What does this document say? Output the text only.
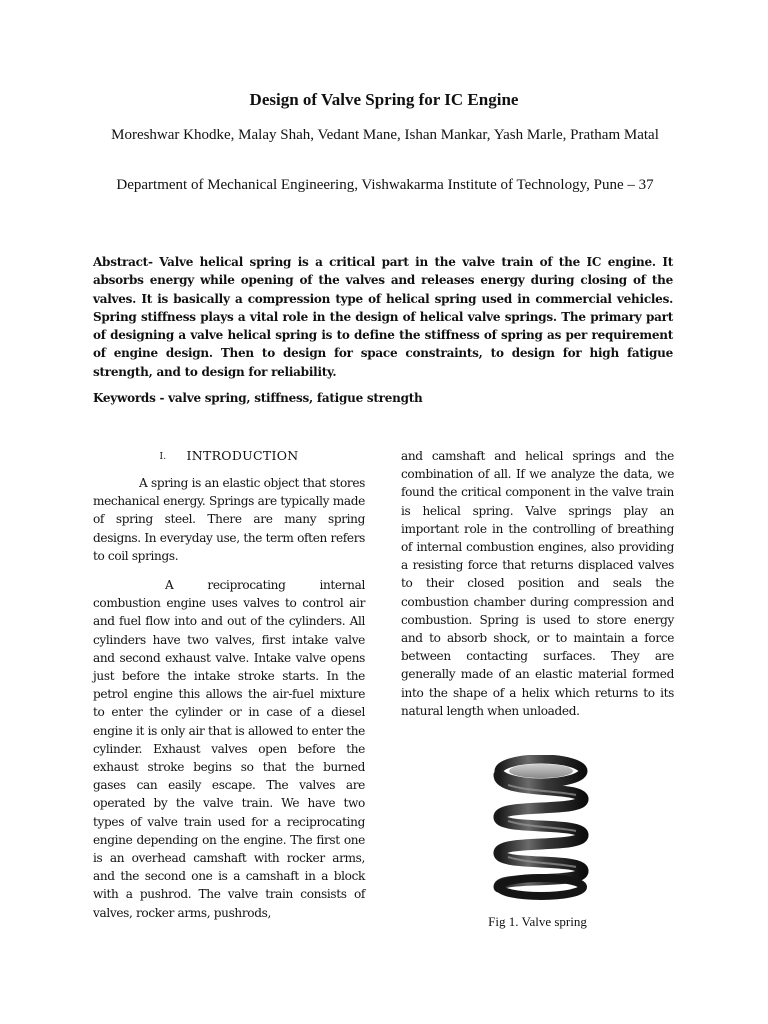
Design of Valve Spring for IC Engine
Moreshwar Khodke, Malay Shah, Vedant Mane, Ishan Mankar, Yash Marle, Pratham Matal
Department of Mechanical Engineering, Vishwakarma Institute of Technology, Pune – 37
Abstract- Valve helical spring is a critical part in the valve train of the IC engine. It absorbs energy while opening of the valves and releases energy during closing of the valves. It is basically a compression type of helical spring used in commercial vehicles. Spring stiffness plays a vital role in the design of helical valve springs. The primary part of designing a valve helical spring is to define the stiffness of spring as per requirement of engine design. Then to design for space constraints, to design for high fatigue strength, and to design for reliability.
Keywords - valve spring, stiffness, fatigue strength
I. INTRODUCTION
A spring is an elastic object that stores mechanical energy. Springs are typically made of spring steel. There are many spring designs. In everyday use, the term often refers to coil springs.
A reciprocating internal combustion engine uses valves to control air and fuel flow into and out of the cylinders. All cylinders have two valves, first intake valve and second exhaust valve. Intake valve opens just before the intake stroke starts. In the petrol engine this allows the air-fuel mixture to enter the cylinder or in case of a diesel engine it is only air that is allowed to enter the cylinder. Exhaust valves open before the exhaust stroke begins so that the burned gases can easily escape. The valves are operated by the valve train. We have two types of valve train used for a reciprocating engine depending on the engine. The first one is an overhead camshaft with rocker arms, and the second one is a camshaft in a block with a pushrod. The valve train consists of valves, rocker arms, pushrods,
and camshaft and helical springs and the combination of all. If we analyze the data, we found the critical component in the valve train is helical spring. Valve springs play an important role in the controlling of breathing of internal combustion engines, also providing a resisting force that returns displaced valves to their closed position and seals the combustion chamber during compression and combustion. Spring is used to store energy and to absorb shock, or to maintain a force between contacting surfaces. They are generally made of an elastic material formed into the shape of a helix which returns to its natural length when unloaded.
Fig 1. Valve spring
